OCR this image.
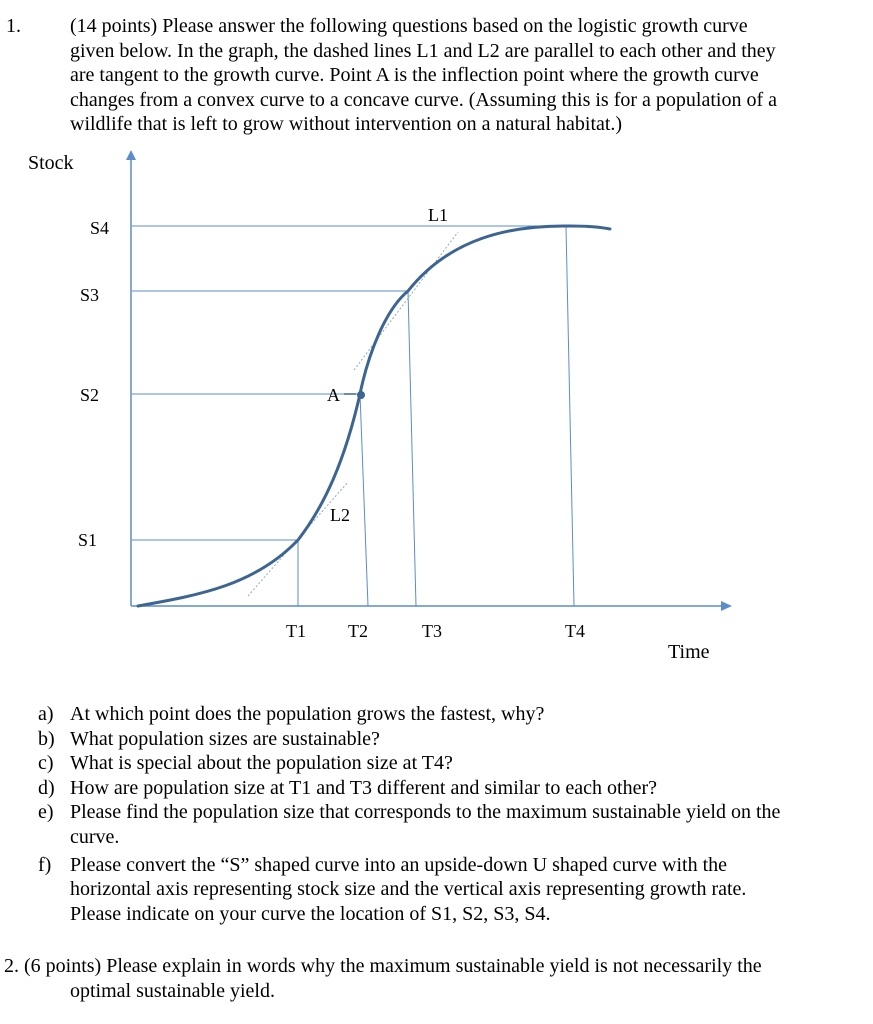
1. (14 points) Please answer the following questions based on the logistic growth curve
given below. In the graph, the dashed lines L1 and L2 are parallel to each other and they
are tangent to the growth curve. Point A is the inflection point where the growth curve
changes from a convex curve to a concave curve. (Assuming this is for a population of a
wildlife that is left to grow without intervention on a natural habitat.)
Stock
Time
S4
S3
S2
S1
T1 T2	T3	T4
L1
L2
A
a) At which point does the population grows the fastest, why?
b) What population sizes are sustainable?
c) What is special about the population size at T4?
d) How are population size at T1 and T3 different and similar to each other?
e) Please find the population size that corresponds to the maximum sustainable yield on the
curve.
f) Please convert the “S” shaped curve into an upside-down U shaped curve with the
horizontal axis representing stock size and the vertical axis representing growth rate.
Please indicate on your curve the location of S1, S2, S3, S4.
2. (6 points) Please explain in words why the maximum sustainable yield is not necessarily the
optimal sustainable yield.
